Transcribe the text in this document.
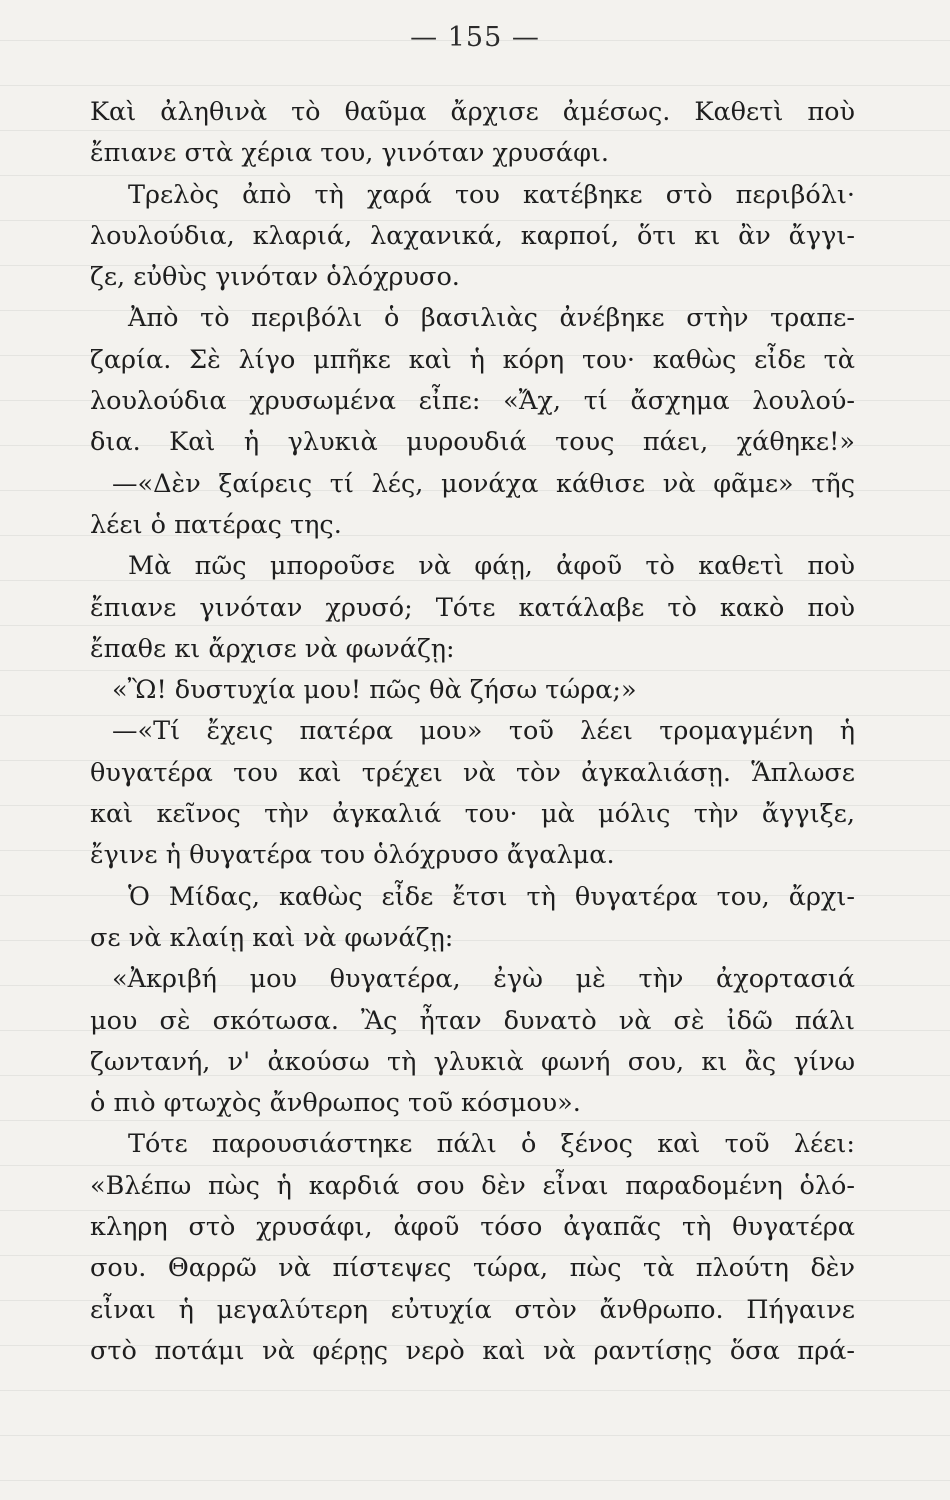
— 155 —
Καὶ ἀληθινὰ τὸ θαῦμα ἄρχισε ἀμέσως. Καθετὶ ποὺ
ἔπιανε στὰ χέρια του, γινόταν χρυσάφι.
Τρελὸς ἀπὸ τὴ χαρά του κατέβηκε στὸ περιβόλι·
λουλούδια, κλαριά, λαχανικά, καρποί, ὅτι κι ἂν ἄγγι-
ζε, εὐθὺς γινόταν ὁλόχρυσο.
Ἀπὸ τὸ περιβόλι ὁ βασιλιὰς ἀνέβηκε στὴν τραπε-
ζαρία. Σὲ λίγο μπῆκε καὶ ἡ κόρη του· καθὼς εἶδε τὰ
λουλούδια χρυσωμένα εἶπε: «Ἄχ, τί ἄσχημα λουλού-
δια. Καὶ ἡ γλυκιὰ μυρουδιά τους πάει, χάθηκε!»
—«Δὲν ξαίρεις τί λές, μονάχα κάθισε νὰ φᾶμε» τῆς
λέει ὁ πατέρας της.
Μὰ πῶς μποροῦσε νὰ φάῃ, ἀφοῦ τὸ καθετὶ ποὺ
ἔπιανε γινόταν χρυσό; Τότε κατάλαβε τὸ κακὸ ποὺ
ἔπαθε κι ἄρχισε νὰ φωνάζῃ:
«Ὢ! δυστυχία μου! πῶς θὰ ζήσω τώρα;»
—«Τί ἔχεις πατέρα μου» τοῦ λέει τρομαγμένη ἡ
θυγατέρα του καὶ τρέχει νὰ τὸν ἀγκαλιάσῃ. Ἅπλωσε
καὶ κεῖνος τὴν ἀγκαλιά του· μὰ μόλις τὴν ἄγγιξε,
ἔγινε ἡ θυγατέρα του ὁλόχρυσο ἄγαλμα.
Ὁ Μίδας, καθὼς εἶδε ἔτσι τὴ θυγατέρα του, ἄρχι-
σε νὰ κλαίῃ καὶ νὰ φωνάζῃ:
«Ἀκριβή μου θυγατέρα, ἐγὼ μὲ τὴν ἀχορτασιά
μου σὲ σκότωσα. Ἂς ἦταν δυνατὸ νὰ σὲ ἰδῶ πάλι
ζωντανή, ν' ἀκούσω τὴ γλυκιὰ φωνή σου, κι ἂς γίνω
ὁ πιὸ φτωχὸς ἄνθρωπος τοῦ κόσμου».
Τότε παρουσιάστηκε πάλι ὁ ξένος καὶ τοῦ λέει:
«Βλέπω πὼς ἡ καρδιά σου δὲν εἶναι παραδομένη ὁλό-
κληρη στὸ χρυσάφι, ἀφοῦ τόσο ἀγαπᾶς τὴ θυγατέρα
σου. Θαρρῶ νὰ πίστεψες τώρα, πὼς τὰ πλούτη δὲν
εἶναι ἡ μεγαλύτερη εὐτυχία στὸν ἄνθρωπο. Πήγαινε
στὸ ποτάμι νὰ φέρῃς νερὸ καὶ νὰ ραντίσῃς ὅσα πρά-
